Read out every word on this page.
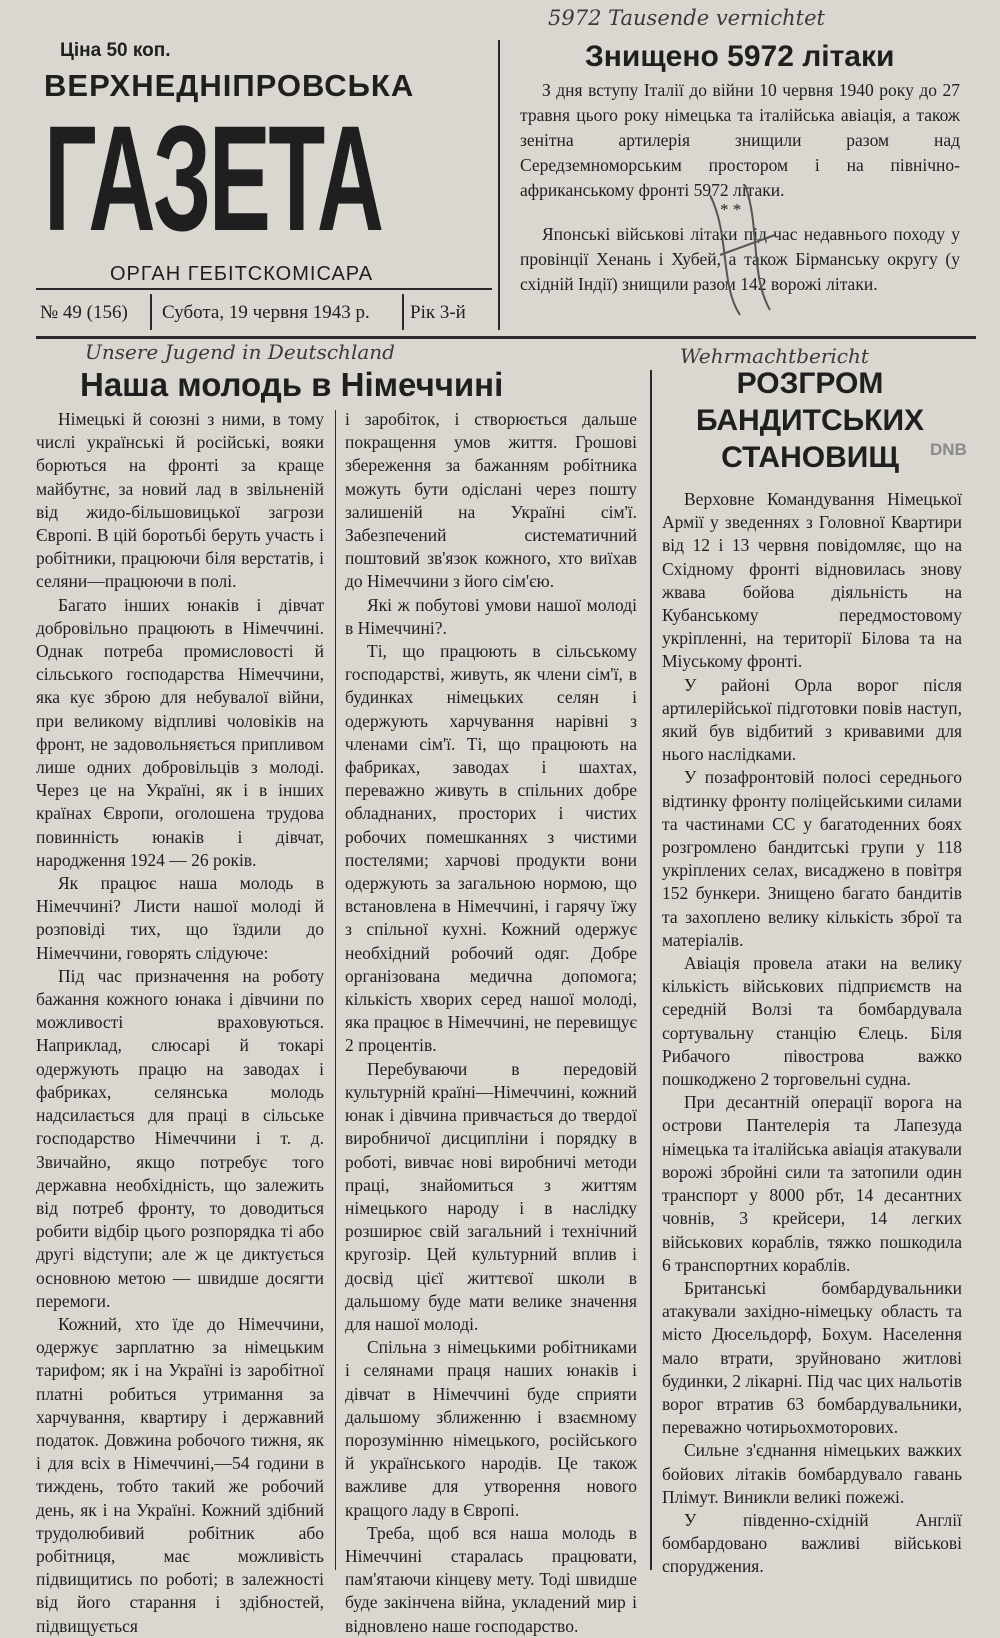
5972 Tausende vernichtet
Unsere Jugend in Deutschland	Wehrmachtbericht
Ціна 50 коп.
ВЕРХНЕДНІПРОВСЬКА
ГАЗЕТА
ОРГАН ГЕБІТСКОМІСАРА
№ 49 (156) Субота, 19 червня 1943 р. Рік 3-й
Знищено 5972 літаки
З дня вступу Італії до війни 10 червня 1940 року до 27 травня цього року німецька та італійська авіація, а також зенітна артилерія знищили разом над Середземноморським простором і на північно-африканському фронті 5972 літаки.
* *
Японські військові літаки під час недавнього походу у провінції Хенань і Хубей, а також Бірманську округу (у східній Індії) знищили разом 142 ворожі літаки.
Наша молодь в Німеччині

Німецькі й союзні з ними, в тому числі українські й російські, вояки борються на фронті за краще майбутнє, за новий лад в звільненій від жидо-більшовицької загрози Європі. В цій боротьбі беруть участь і робітники, працюючи біля верстатів, і селяни—працюючи в полі.

Багато інших юнаків і дівчат добровільно працюють в Німеччині. Однак потреба промисловості й сільського господарства Німеччини, яка кує зброю для небувалої війни, при великому відпливі чоловіків на фронт, не задовольняється припливом лише одних добровільців з молоді. Через це на Україні, як і в інших країнах Європи, оголошена трудова повинність юнаків і дівчат, народження 1924 — 26 років.

Як працює наша молодь в Німеччині? Листи нашої молоді й розповіді тих, що їздили до Німеччини, говорять слідуюче:

Під час призначення на роботу бажання кожного юнака і дівчини по можливості враховуються. Наприклад, слюсарі й токарі одержують працю на заводах і фабриках, селянська молодь надсилається для праці в сільське господарство Німеччини і т. д. Звичайно, якщо потребує того державна необхідність, що залежить від потреб фронту, то доводиться робити відбір цього розпорядка ті або другі відступи; але ж це диктується основною метою — швидше досягти перемоги.

Кожний, хто їде до Німеччини, одержує зарплатню за німецьким тарифом; як і на Україні із заробітної платні робиться утримання за харчування, квартиру і державний податок. Довжина робочого тижня, як і для всіх в Німеччині,—54 години в тиждень, тобто такий же робочий день, як і на Україні. Кожний здібний трудолюбивий робітник або робітниця, має можливість підвищитись по роботі; в залежності від його старання і здібностей, підвищується

і заробіток, і створюється дальше покращення умов життя. Грошові збереження за бажанням робітника можуть бути одіслані через пошту залишеній на Україні сім'ї. Забезпечений систематичний поштовий зв'язок кожного, хто виїхав до Німеччини з його сім'єю.

Які ж побутові умови нашої молоді в Німеччині?.

Ті, що працюють в сільському господарстві, живуть, як члени сім'ї, в будинках німецьких селян і одержують харчування нарівні з членами сім'ї. Ті, що працюють на фабриках, заводах і шахтах, переважно живуть в спільних добре обладнаних, просторих і чистих робочих помешканнях з чистими постелями; харчові продукти вони одержують за загальною нормою, що встановлена в Німеччині, і гарячу їжу з спільної кухні. Кожний одержує необхідний робочий одяг. Добре організована медична допомога; кількість хворих серед нашої молоді, яка працює в Німеччині, не перевищує 2 процентів.

Перебуваючи в передовій культурній країні—Німеччині, кожний юнак і дівчина привчається до твердої виробничої дисципліни і порядку в роботі, вивчає нові виробничі методи праці, знайомиться з життям німецького народу і в наслідку розширює свій загальний і технічний кругозір. Цей культурний вплив і досвід цієї життєвої школи в дальшому буде мати велике значення для нашої молоді.

Спільна з німецькими робітниками і селянами праця наших юнаків і дівчат в Німеччині буде сприяти дальшому зближенню і взаємному порозумінню німецького, російського й українського народів. Це також важливе для утворення нового кращого ладу в Європі.

Треба, щоб вся наша молодь в Німеччині старалась працювати, пам'ятаючи кінцеву мету. Тоді швидше буде закінчена війна, укладений мир і відновлено наше господарство.

РОЗГРОМ
БАНДИТСЬКИХ
СТАНОВИЩ	DNB

Верховне Командування Німецької Армії у зведеннях з Головної Квартири від 12 і 13 червня повідомляє, що на Східному фронті відновилась знову жвава бойова діяльність на Кубанському передмостовому укріпленні, на території Білова та на Міуському фронті.

У районі Орла ворог після артилерійської підготовки повів наступ, який був відбитий з кривавими для нього наслідками.

У позафронтовій полосі середнього відтинку фронту поліцейськими силами та частинами СС у багатоденних боях розгромлено бандитські групи у 118 укріплених селах, висаджено в повітря 152 бункери. Знищено багато бандитів та захоплено велику кількість зброї та матеріалів.

Авіація провела атаки на велику кількість військових підприємств на середній Волзі та бомбардувала сортувальну станцію Єлець. Біля Рибачого півострова важко пошкоджено 2 торговельні судна.

При десантній операції ворога на острови Пантелерія та Лапезуда німецька та італійська авіація атакували ворожі збройні сили та затопили один транспорт у 8000 рбт, 14 десантних човнів, 3 крейсери, 14 легких військових кораблів, тяжко пошкодила 6 транспортних кораблів.

Британські бомбардувальники атакували західно-німецьку область та місто Дюсельдорф, Бохум. Населення мало втрати, зруйновано житлові будинки, 2 лікарні. Під час цих нальотів ворог втратив 63 бомбардувальники, переважно чотирьохмоторових.

Сильне з'єднання німецьких важких бойових літаків бомбардувало гавань Плімут. Виникли великі пожежі.

У південно-східній Англії бомбардовано важливі військові споруджения.
